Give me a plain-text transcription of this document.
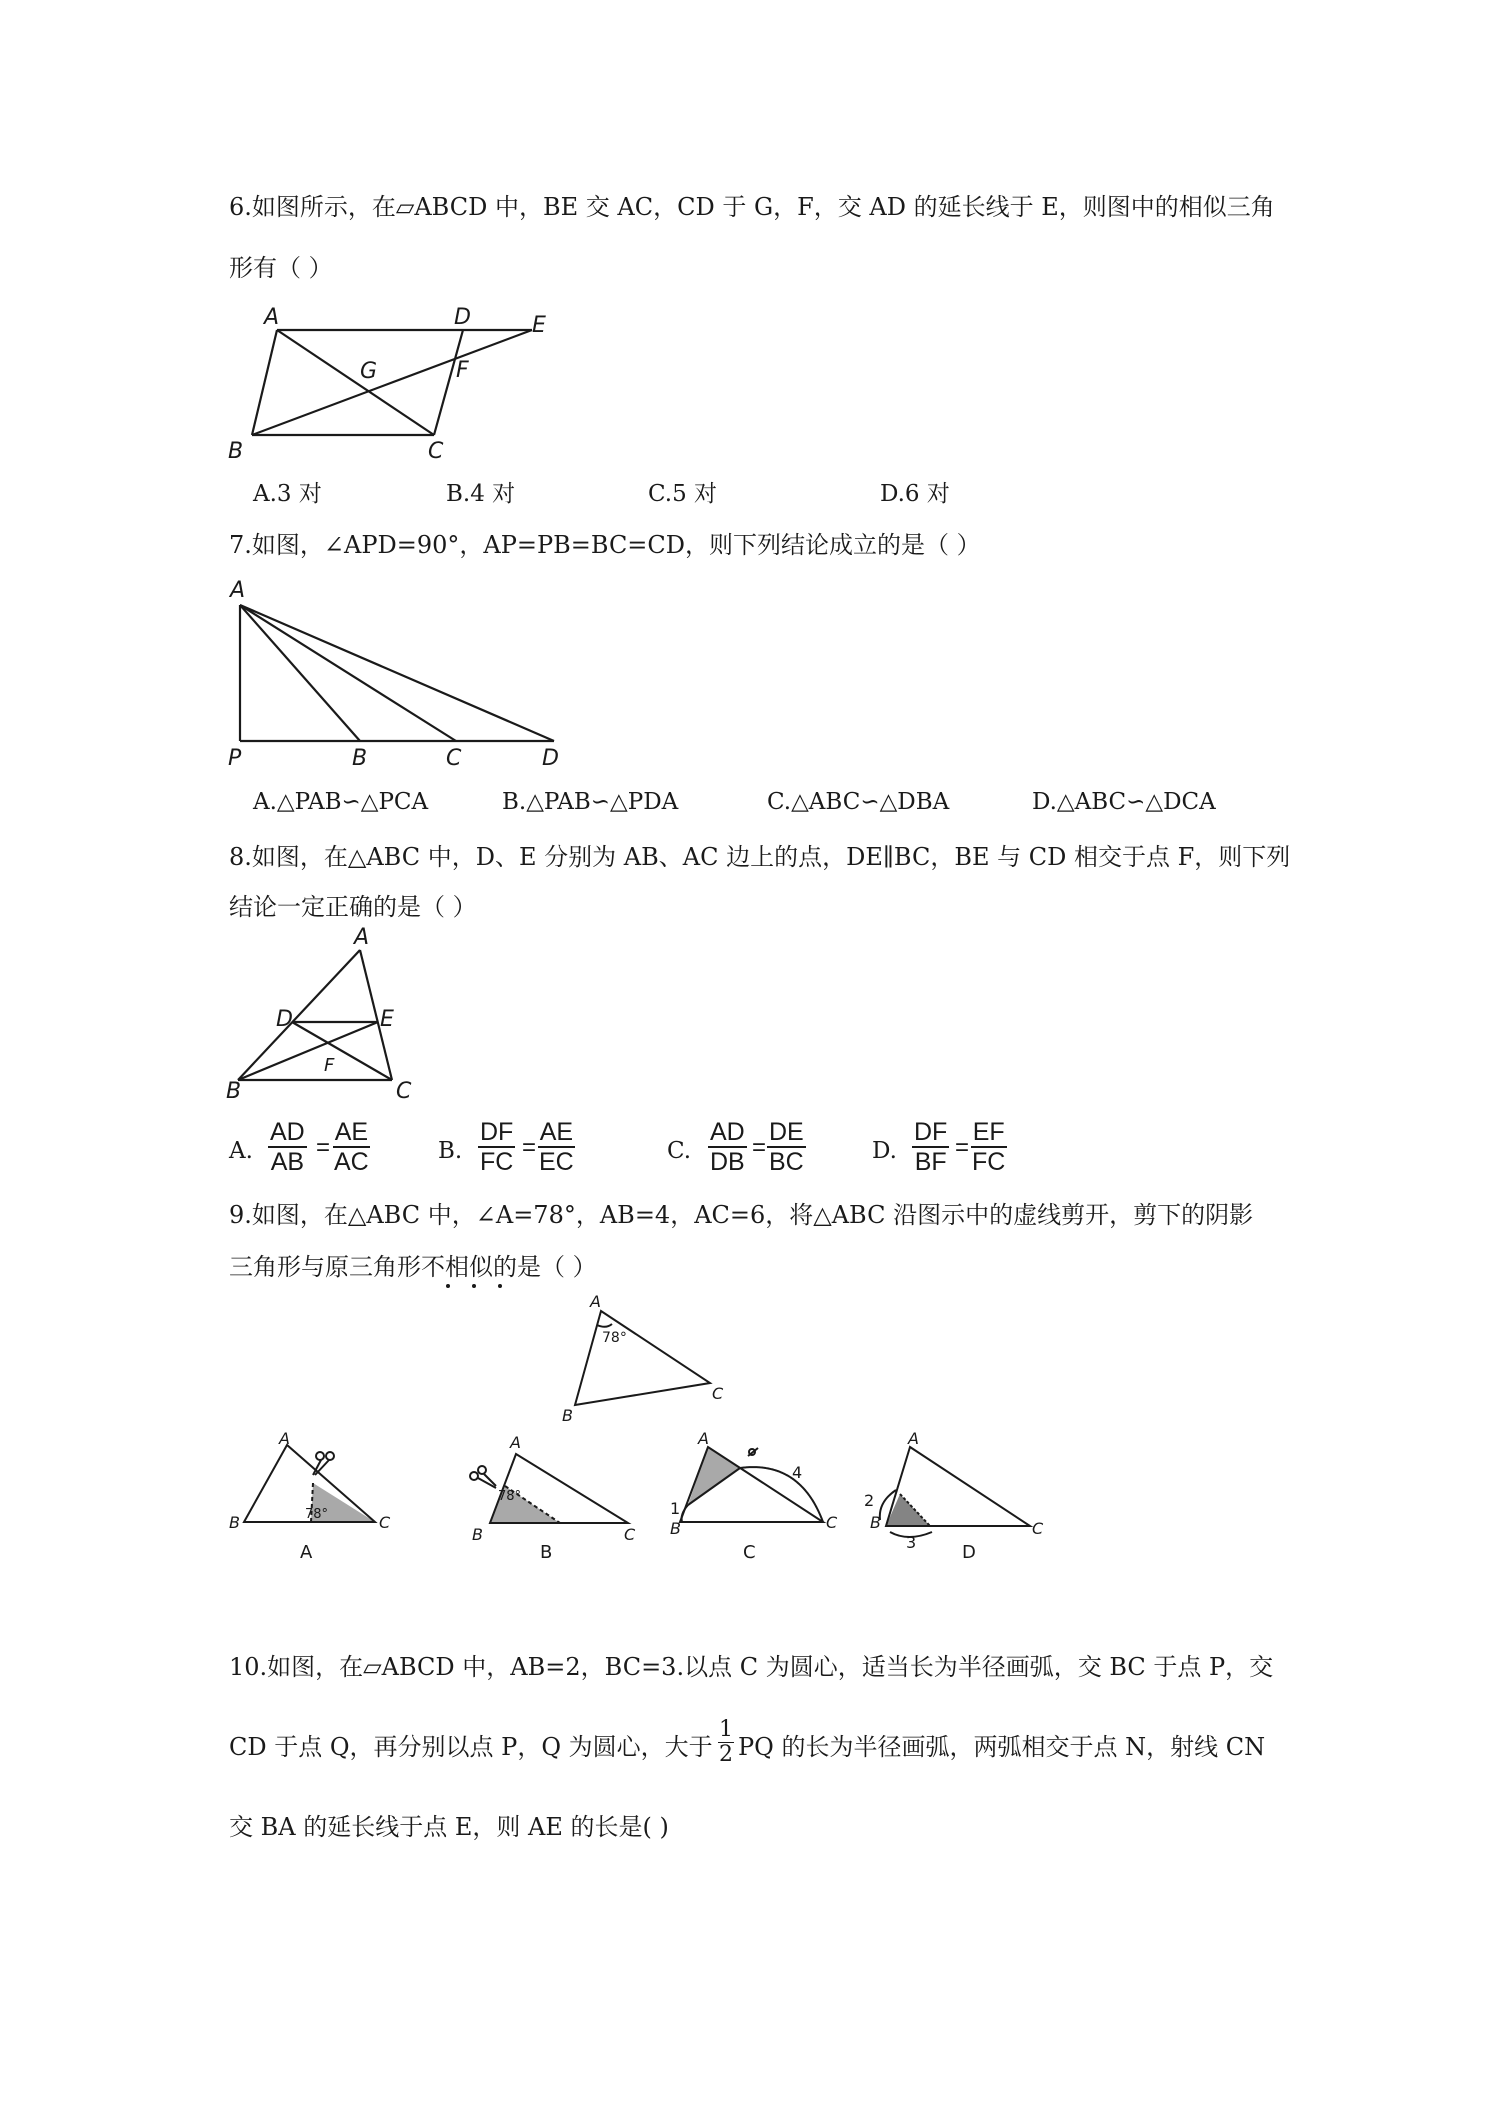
6.如图所示，在▱ABCD 中，BE 交 AC，CD 于 G，F，交 AD 的延长线于 E，则图中的相似三角
形有（ ）
A	D	E
G	F
B	C
A.3 对	B.4 对	C.5 对	D.6 对
7.如图，∠APD=90°，AP=PB=BC=CD，则下列结论成立的是（ ）
A
P	B	C	D
A.△PAB∽△PCA	B.△PAB∽△PDA	C.△ABC∽△DBA	D.△ABC∽△DCA
8.如图，在△ABC 中，D、E 分别为 AB、AC 边上的点，DE∥BC，BE 与 CD 相交于点 F，则下列
结论一定正确的是（ ）
A
D	E
F
B	C
A. $\frac{AD}{AB} = \frac{AE}{AC}$	B. $\frac{DF}{FC} = \frac{AE}{EC}$	C. $\frac{AD}{DB} = \frac{DE}{BC}$	D. $\frac{DF}{BF} = \frac{EF}{FC}$
9.如图，在△ABC 中，∠A=78°，AB=4，AC=6，将△ABC 沿图示中的虚线剪开，剪下的阴影
三角形与原三角形不相似的是（ ）
A
78°
B
C
A
78°
B	C
A
A
78°
B	C
B
A
1
4
B	C
C
A
2
3
B	C
D
10.如图，在▱ABCD 中，AB=2，BC=3.以点 C 为圆心，适当长为半径画弧，交 BC 于点 P，交
CD 于点 Q，再分别以点 P，Q 为圆心，大于 $\frac{1}{2}$ PQ 的长为半径画弧，两弧相交于点 N，射线 CN
交 BA 的延长线于点 E，则 AE 的长是( )
